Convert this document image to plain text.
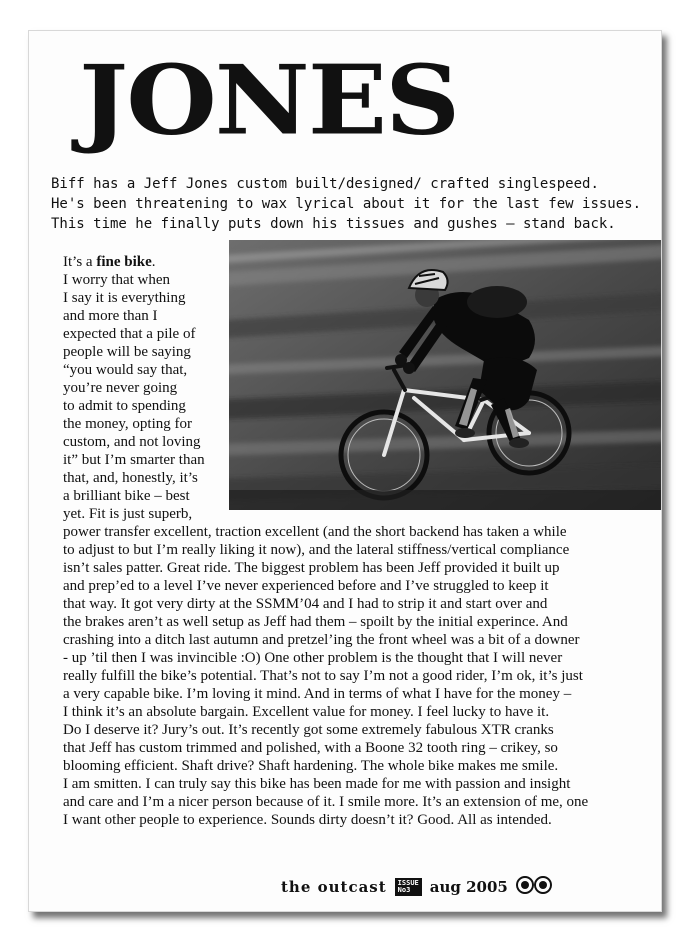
JONES

Biff has a Jeff Jones custom built/designed/ crafted singlespeed.

He's been threatening to wax lyrical about it for the last few issues.

This time he finally puts down his tissues and gushes – stand back.

It’s a fine bike.
I worry that when
I say it is everything
and more than I
expected that a pile of
people will be saying
“you would say that,
you’re never going
to admit to spending
the money, opting for
custom, and not loving
it” but I’m smarter than
that, and, honestly, it’s
a brilliant bike – best
yet. Fit is just superb,
power transfer excellent, traction excellent (and the short backend has taken a while
to adjust to but I’m really liking it now), and the lateral stiffness/vertical compliance
isn’t sales patter. Great ride. The biggest problem has been Jeff provided it built up
and prep’ed to a level I’ve never experienced before and I’ve struggled to keep it
that way. It got very dirty at the SSMM’04 and I had to strip it and start over and
the brakes aren’t as well setup as Jeff had them – spoilt by the initial experince. And
crashing into a ditch last autumn and pretzel’ing the front wheel was a bit of a downer
- up ’til then I was invincible :O) One other problem is the thought that I will never
really fulfill the bike’s potential. That’s not to say I’m not a good rider, I’m ok, it’s just
a very capable bike. I’m loving it mind. And in terms of what I have for the money –
I think it’s an absolute bargain. Excellent value for money. I feel lucky to have it.
Do I deserve it? Jury’s out. It’s recently got some extremely fabulous XTR cranks
that Jeff has custom trimmed and polished, with a Boone 32 tooth ring – crikey, so
blooming efficient. Shaft drive? Shaft hardening. The whole bike makes me smile.
I am smitten. I can truly say this bike has been made for me with passion and insight
and care and I’m a nicer person because of it. I smile more. It’s an extension of me, one
I want other people to experience. Sounds dirty doesn’t it? Good. All as intended.
the outcast ISSUE
No3	aug 2005
